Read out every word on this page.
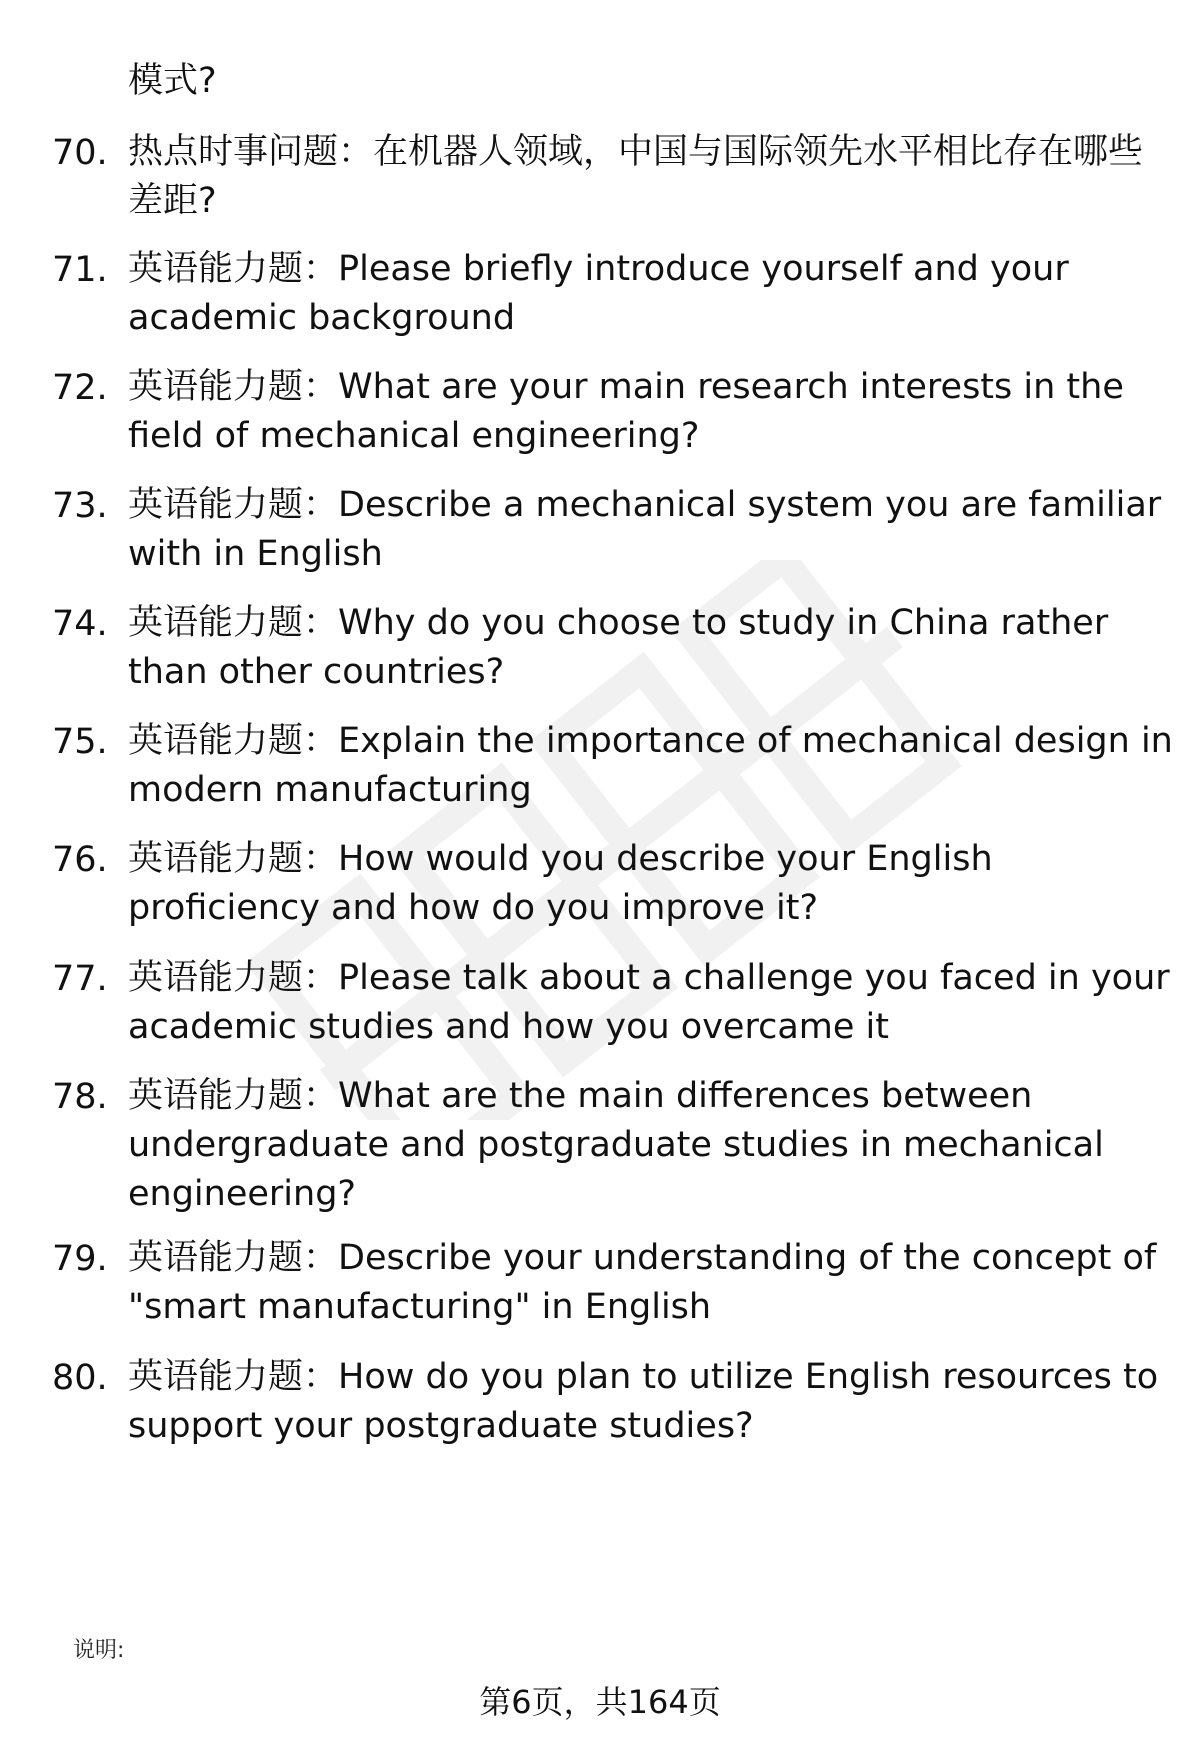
模式?
70. 热点时事问题：在机器人领域，中国与国际领先水平相比存在哪些差距?
71. 英语能力题：Please briefly introduce yourself and your academic background
72. 英语能力题：What are your main research interests in the field of mechanical engineering?
73. 英语能力题：Describe a mechanical system you are familiar with in English
74. 英语能力题：Why do you choose to study in China rather than other countries?
75. 英语能力题：Explain the importance of mechanical design in modern manufacturing
76. 英语能力题：How would you describe your English proficiency and how do you improve it?
77. 英语能力题：Please talk about a challenge you faced in your academic studies and how you overcame it
78. 英语能力题：What are the main differences between undergraduate and postgraduate studies in mechanical engineering?
79. 英语能力题：Describe your understanding of the concept of "smart manufacturing" in English
80. 英语能力题：How do you plan to utilize English resources to support your postgraduate studies?
说明:
第6页，共164页
